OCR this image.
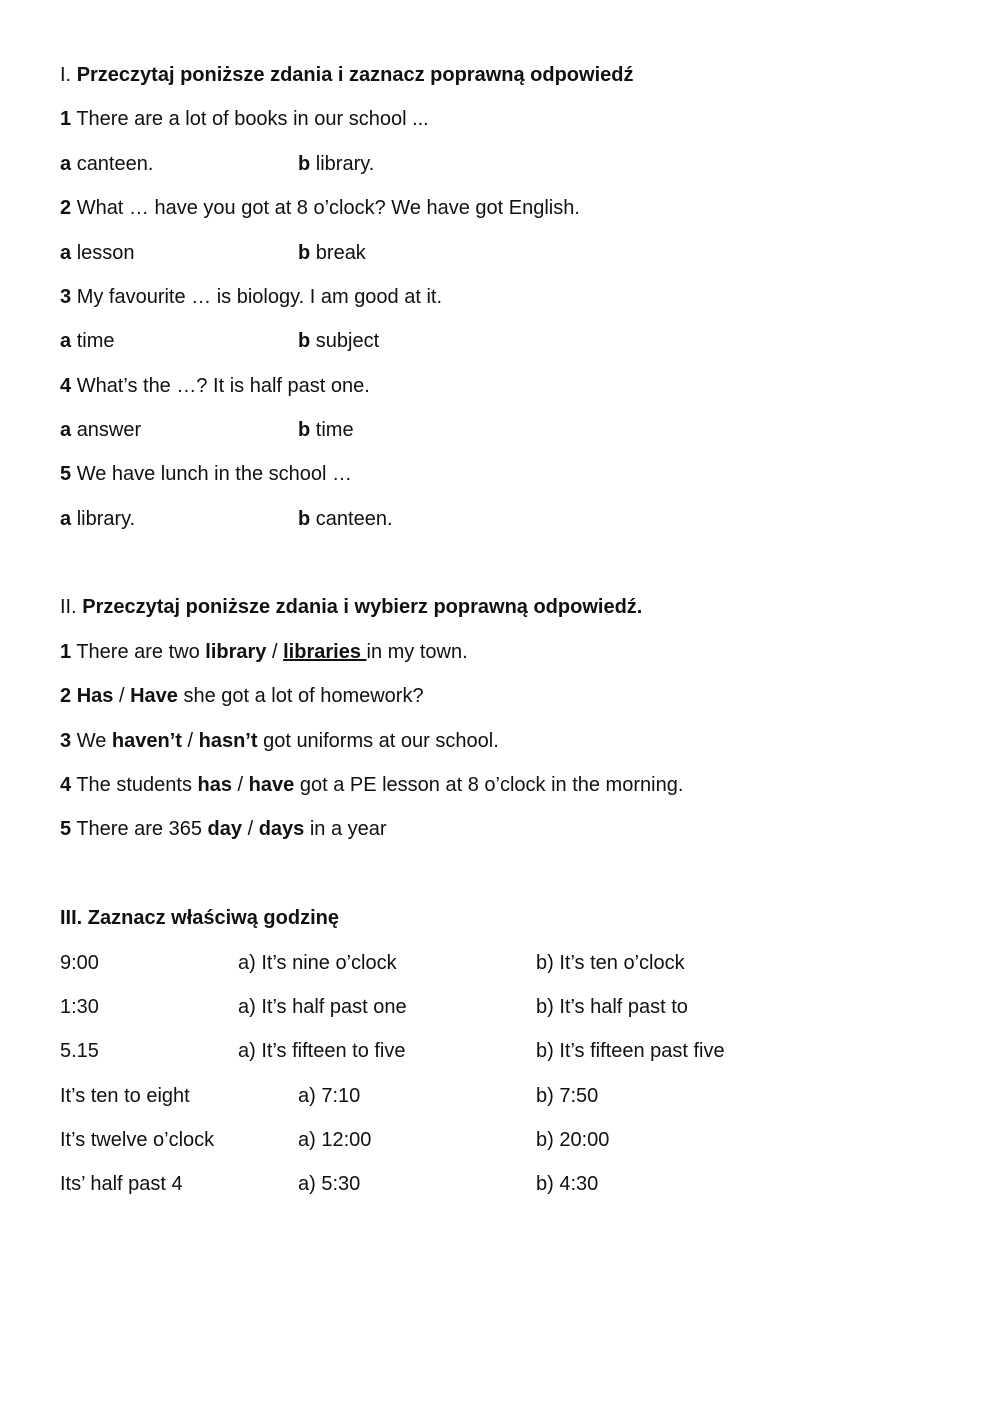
I. Przeczytaj poniższe zdania i zaznacz poprawną odpowiedź
1 There are a lot of books in our school ...
a canteen.	b library.
2 What … have you got at 8 o’clock? We have got English.
a lesson	b break
3 My favourite … is biology. I am good at it.
a time	b subject
4 What’s the …? It is half past one.
a answer	b time
5 We have lunch in the school …
a library.	b canteen.
II. Przeczytaj poniższe zdania i wybierz poprawną odpowiedź.
1 There are two library / libraries in my town.
2 Has / Have she got a lot of homework?
3 We haven’t / hasn’t got uniforms at our school.
4 The students has / have got a PE lesson at 8 o’clock in the morning.
5 There are 365 day / days in a year
III. Zaznacz właściwą godzinę
9:00	a) It’s nine o’clock	b) It’s ten o’clock
1:30	a) It’s half past one	b) It’s half past to
5.15	a) It’s fifteen to five	b) It’s fifteen past five
It’s ten to eight	a) 7:10	b) 7:50
It’s twelve o’clock	a) 12:00	b) 20:00
Its’ half past 4	a) 5:30	b) 4:30
